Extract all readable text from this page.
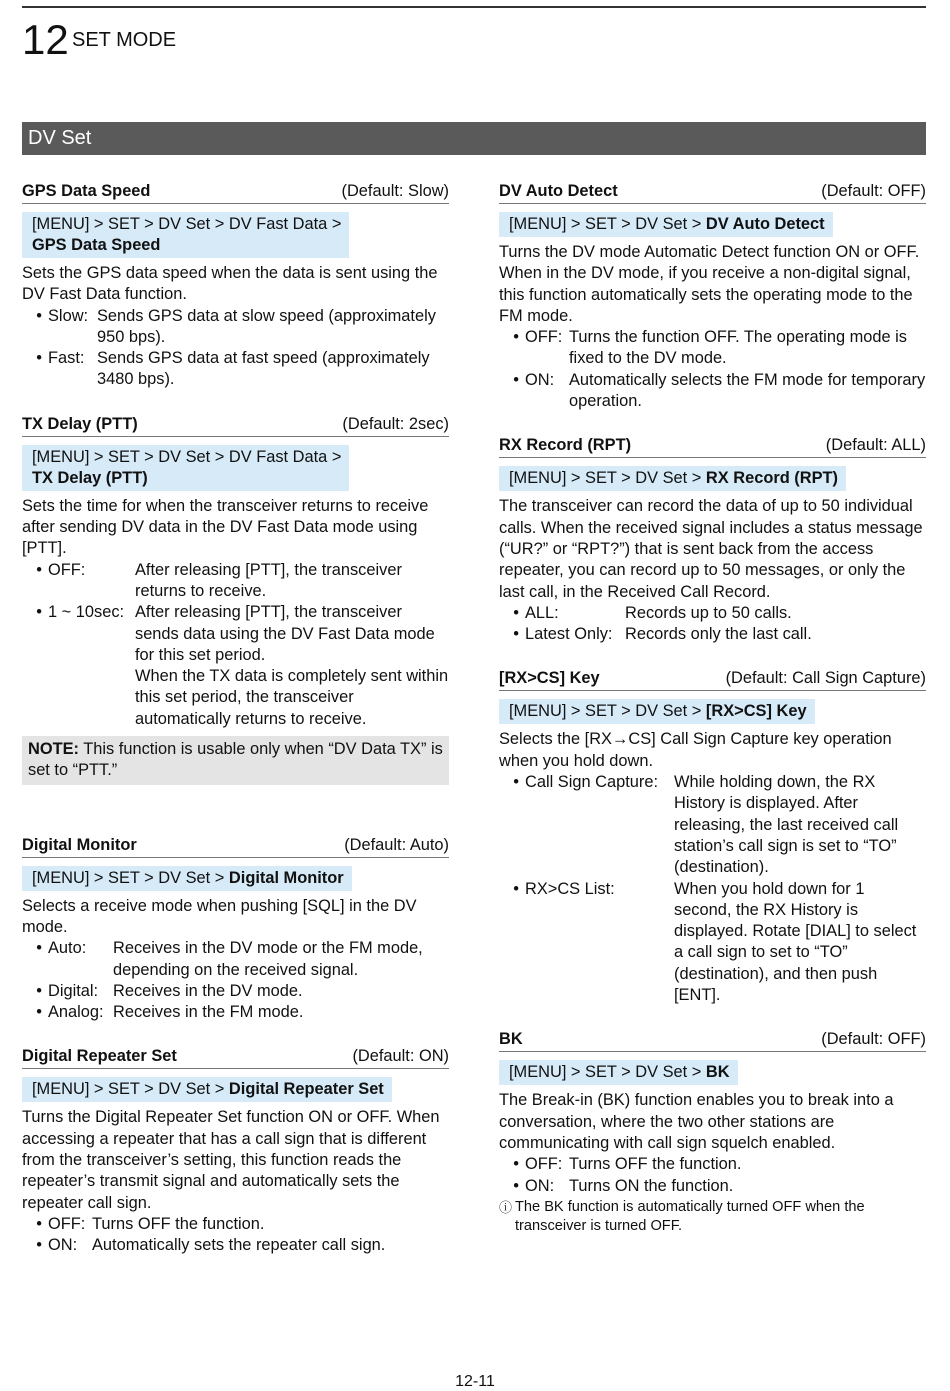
12 SET MODE
DV Set
GPS Data Speed	(Default: Slow)
[MENU] > SET > DV Set > DV Fast Data >
GPS Data Speed

Sets the GPS data speed when the data is sent using the DV Fast Data function.

• Slow: Sends GPS data at slow speed (approximately 950 bps).
• Fast: Sends GPS data at fast speed (approximately 3480 bps).
TX Delay (PTT)	(Default: 2sec)
[MENU] > SET > DV Set > DV Fast Data >
TX Delay (PTT)

Sets the time for when the transceiver returns to receive after sending DV data in the DV Fast Data mode using [PTT].

• OFF:	After releasing [PTT], the transceiver returns to receive.
• 1 ~ 10sec: After releasing [PTT], the transceiver sends data using the DV Fast Data mode for this set period.
When the TX data is completely sent within this set period, the transceiver automatically returns to receive.
NOTE: This function is usable only when “DV Data TX” is set to “PTT.”
Digital Monitor	(Default: Auto)
[MENU] > SET > DV Set > Digital Monitor

Selects a receive mode when pushing [SQL] in the DV mode.

• Auto:	Receives in the DV mode or the FM mode, depending on the received signal.
• Digital: Receives in the DV mode.
• Analog: Receives in the FM mode.
Digital Repeater Set	(Default: ON)
[MENU] > SET > DV Set > Digital Repeater Set

Turns the Digital Repeater Set function ON or OFF. When accessing a repeater that has a call sign that is different from the transceiver’s setting, this function reads the repeater’s transmit signal and automatically sets the repeater call sign.

• OFF: Turns OFF the function.
• ON: Automatically sets the repeater call sign.
DV Auto Detect	(Default: OFF)
[MENU] > SET > DV Set > DV Auto Detect

Turns the DV mode Automatic Detect function ON or OFF. When in the DV mode, if you receive a non-digital signal, this function automatically sets the operating mode to the FM mode.

• OFF: Turns the function OFF. The operating mode is fixed to the DV mode.
• ON: Automatically selects the FM mode for temporary operation.
RX Record (RPT)	(Default: ALL)
[MENU] > SET > DV Set > RX Record (RPT)

The transceiver can record the data of up to 50 individual calls. When the received signal includes a status message (“UR?” or “RPT?”) that is sent back from the access repeater, you can record up to 50 messages, or only the last call, in the Received Call Record.

• ALL:	Records up to 50 calls.
• Latest Only: Records only the last call.
[RX>CS] Key	(Default: Call Sign Capture)
[MENU] > SET > DV Set > [RX>CS] Key

Selects the [RX→CS] Call Sign Capture key operation when you hold down.

• Call Sign Capture: While holding down, the RX History is displayed. After releasing, the last received call station’s call sign is set to “TO” (destination).
• RX>CS List:	When you hold down for 1 second, the RX History is displayed. Rotate [DIAL] to select a call sign to set to “TO” (destination), and then push [ENT].
BK	(Default: OFF)
[MENU] > SET > DV Set > BK

The Break-in (BK) function enables you to break into a conversation, where the two other stations are communicating with call sign squelch enabled.

• OFF: Turns OFF the function.
• ON: Turns ON the function.
ⓘ The BK function is automatically turned OFF when the transceiver is turned OFF.
12-11
